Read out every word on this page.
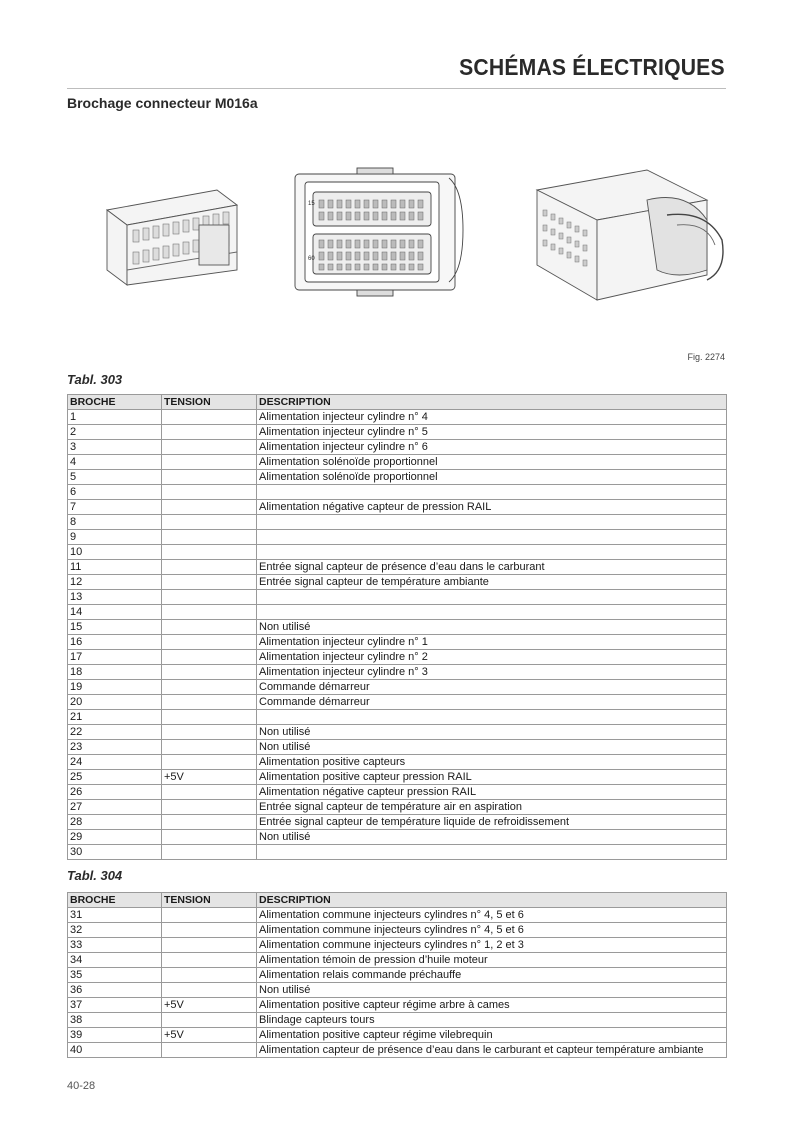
SCHÉMAS ÉLECTRIQUES
Brochage connecteur M016a
15
60
Fig. 2274
Tabl. 303
BROCHE	TENSION	DESCRIPTION
1		Alimentation injecteur cylindre n° 4
2		Alimentation injecteur cylindre n° 5
3		Alimentation injecteur cylindre n° 6
4		Alimentation solénoïde proportionnel
5		Alimentation solénoïde proportionnel
6		
7		Alimentation négative capteur de pression RAIL
8		
9		
10		
11		Entrée signal capteur de présence d’eau dans le carburant
12		Entrée signal capteur de température ambiante
13		
14		
15		Non utilisé
16		Alimentation injecteur cylindre n° 1
17		Alimentation injecteur cylindre n° 2
18		Alimentation injecteur cylindre n° 3
19		Commande démarreur
20		Commande démarreur
21		
22		Non utilisé
23		Non utilisé
24		Alimentation positive capteurs
25	+5V	Alimentation positive capteur pression RAIL
26		Alimentation négative capteur pression RAIL
27		Entrée signal capteur de température air en aspiration
28		Entrée signal capteur de température liquide de refroidissement
29		Non utilisé
30		
Tabl. 304
BROCHE	TENSION	DESCRIPTION
31		Alimentation commune injecteurs cylindres n° 4, 5 et 6
32		Alimentation commune injecteurs cylindres n° 4, 5 et 6
33		Alimentation commune injecteurs cylindres n° 1, 2 et 3
34		Alimentation témoin de pression d’huile moteur
35		Alimentation relais commande préchauffe
36		Non utilisé
37	+5V	Alimentation positive capteur régime arbre à cames
38		Blindage capteurs tours
39	+5V	Alimentation positive capteur régime vilebrequin
40		Alimentation capteur de présence d’eau dans le carburant et capteur température ambiante
40-28
